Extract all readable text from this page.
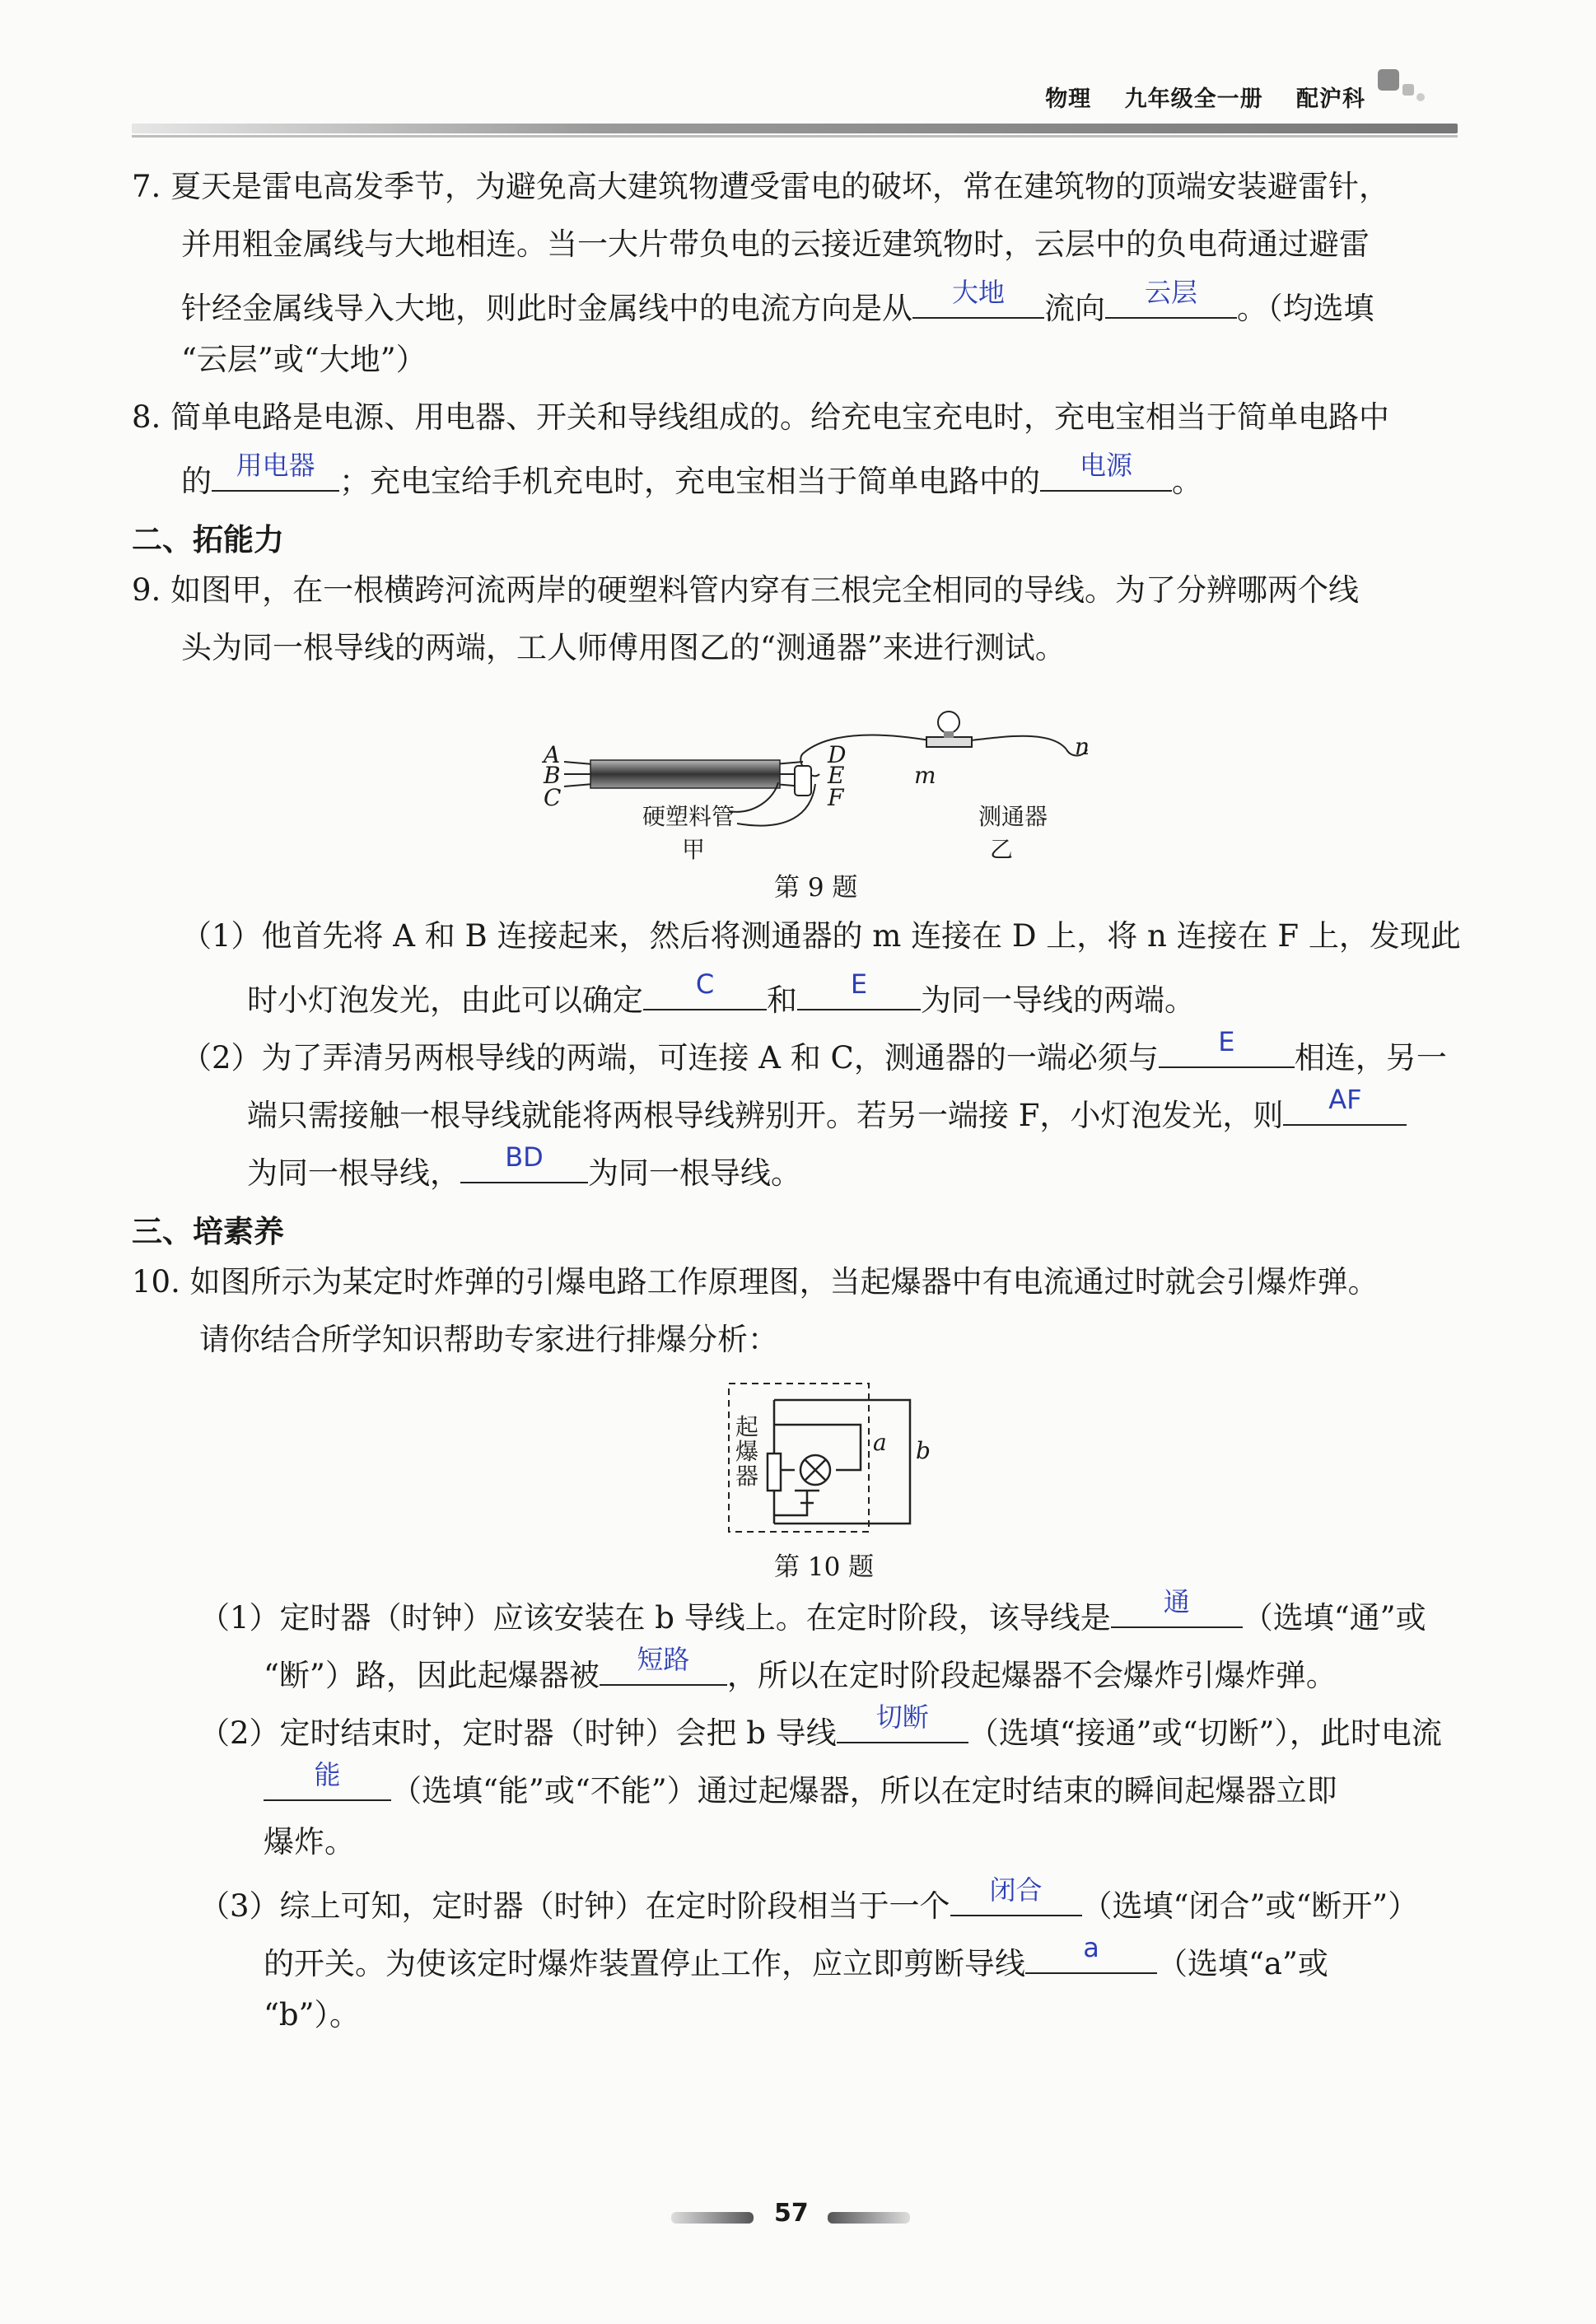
物理 九年级全一册 配沪科
7. 夏天是雷电高发季节，为避免高大建筑物遭受雷电的破坏，常在建筑物的顶端安装避雷针，
并用粗金属线与大地相连。当一大片带负电的云接近建筑物时，云层中的负电荷通过避雷
针经金属线导入大地，则此时金属线中的电流方向是从	大地	流向	云层	。（均选填
“云层”或“大地”）
8. 简单电路是电源、用电器、开关和导线组成的。给充电宝充电时，充电宝相当于简单电路中
的 用电器 ；充电宝给手机充电时，充电宝相当于简单电路中的	电源	。
二、拓能力
9. 如图甲，在一根横跨河流两岸的硬塑料管内穿有三根完全相同的导线。为了分辨哪两个线
头为同一根导线的两端，工人师傅用图乙的“测通器”来进行测试。
A
B
C
D
E
F
硬塑料管
甲
m
n
测通器
乙
第 9 题
（1）他首先将 A 和 B 连接起来，然后将测通器的 m 连接在 D 上，将 n 连接在 F 上，发现此
时小灯泡发光，由此可以确定	C	和	E	为同一导线的两端。
（2）为了弄清另两根导线的两端，可连接 A 和 C，测通器的一端必须与	E	相连，另一
端只需接触一根导线就能将两根导线辨别开。若另一端接 F，小灯泡发光，则	AF
为同一根导线，	BD	为同一根导线。
三、培素养
10. 如图所示为某定时炸弹的引爆电路工作原理图，当起爆器中有电流通过时就会引爆炸弹。
请你结合所学知识帮助专家进行排爆分析：
起
爆
器
a b
第 10 题
（1）定时器（时钟）应该安装在 b 导线上。在定时阶段，该导线是	通	（选填“通”或
“断”）路，因此起爆器被	短路	，所以在定时阶段起爆器不会爆炸引爆炸弹。
（2）定时结束时，定时器（时钟）会把 b 导线	切断	（选填“接通”或“切断”），此时电流
能	（选填“能”或“不能”）通过起爆器，所以在定时结束的瞬间起爆器立即
爆炸。
（3）综上可知，定时器（时钟）在定时阶段相当于一个	闭合	（选填“闭合”或“断开”）
的开关。为使该定时爆炸装置停止工作，应立即剪断导线	a	（选填“a”或
“b”）。
57
